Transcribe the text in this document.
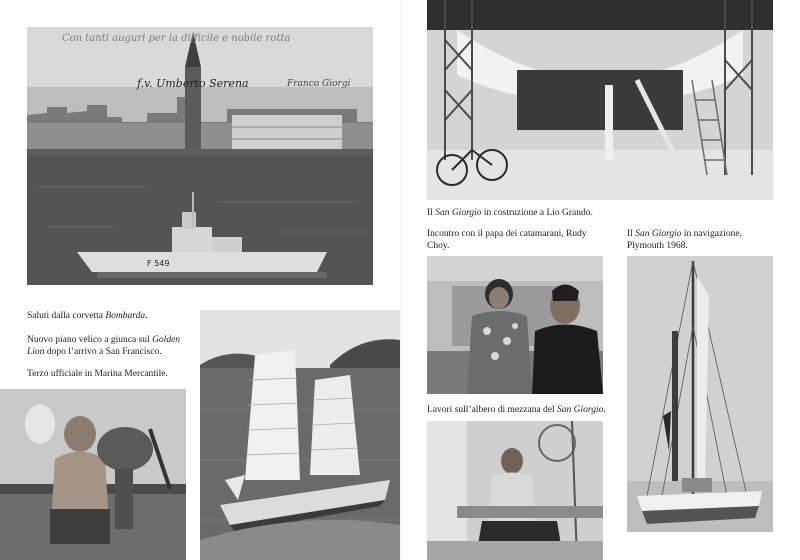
Con tanti auguri per la difficile e nobile rotta
f.v. Umberto Serena	Franco Giorgi
F 549

Saluti dalla corvetta Bombarda.

Nuovo piano velico a giunca sul Golden Lion dopo l’arrivo a San Francisco.

Terzo ufficiale in Marina Mercantile.

Il San Giorgio in costruzione a Lio Grando.

Incontro con il papa dei catamarani, Rudy Choy.

Il San Giorgio in navigazione, Plymouth 1968.

Lavori sull’albero di mezzana del San Giorgio.
